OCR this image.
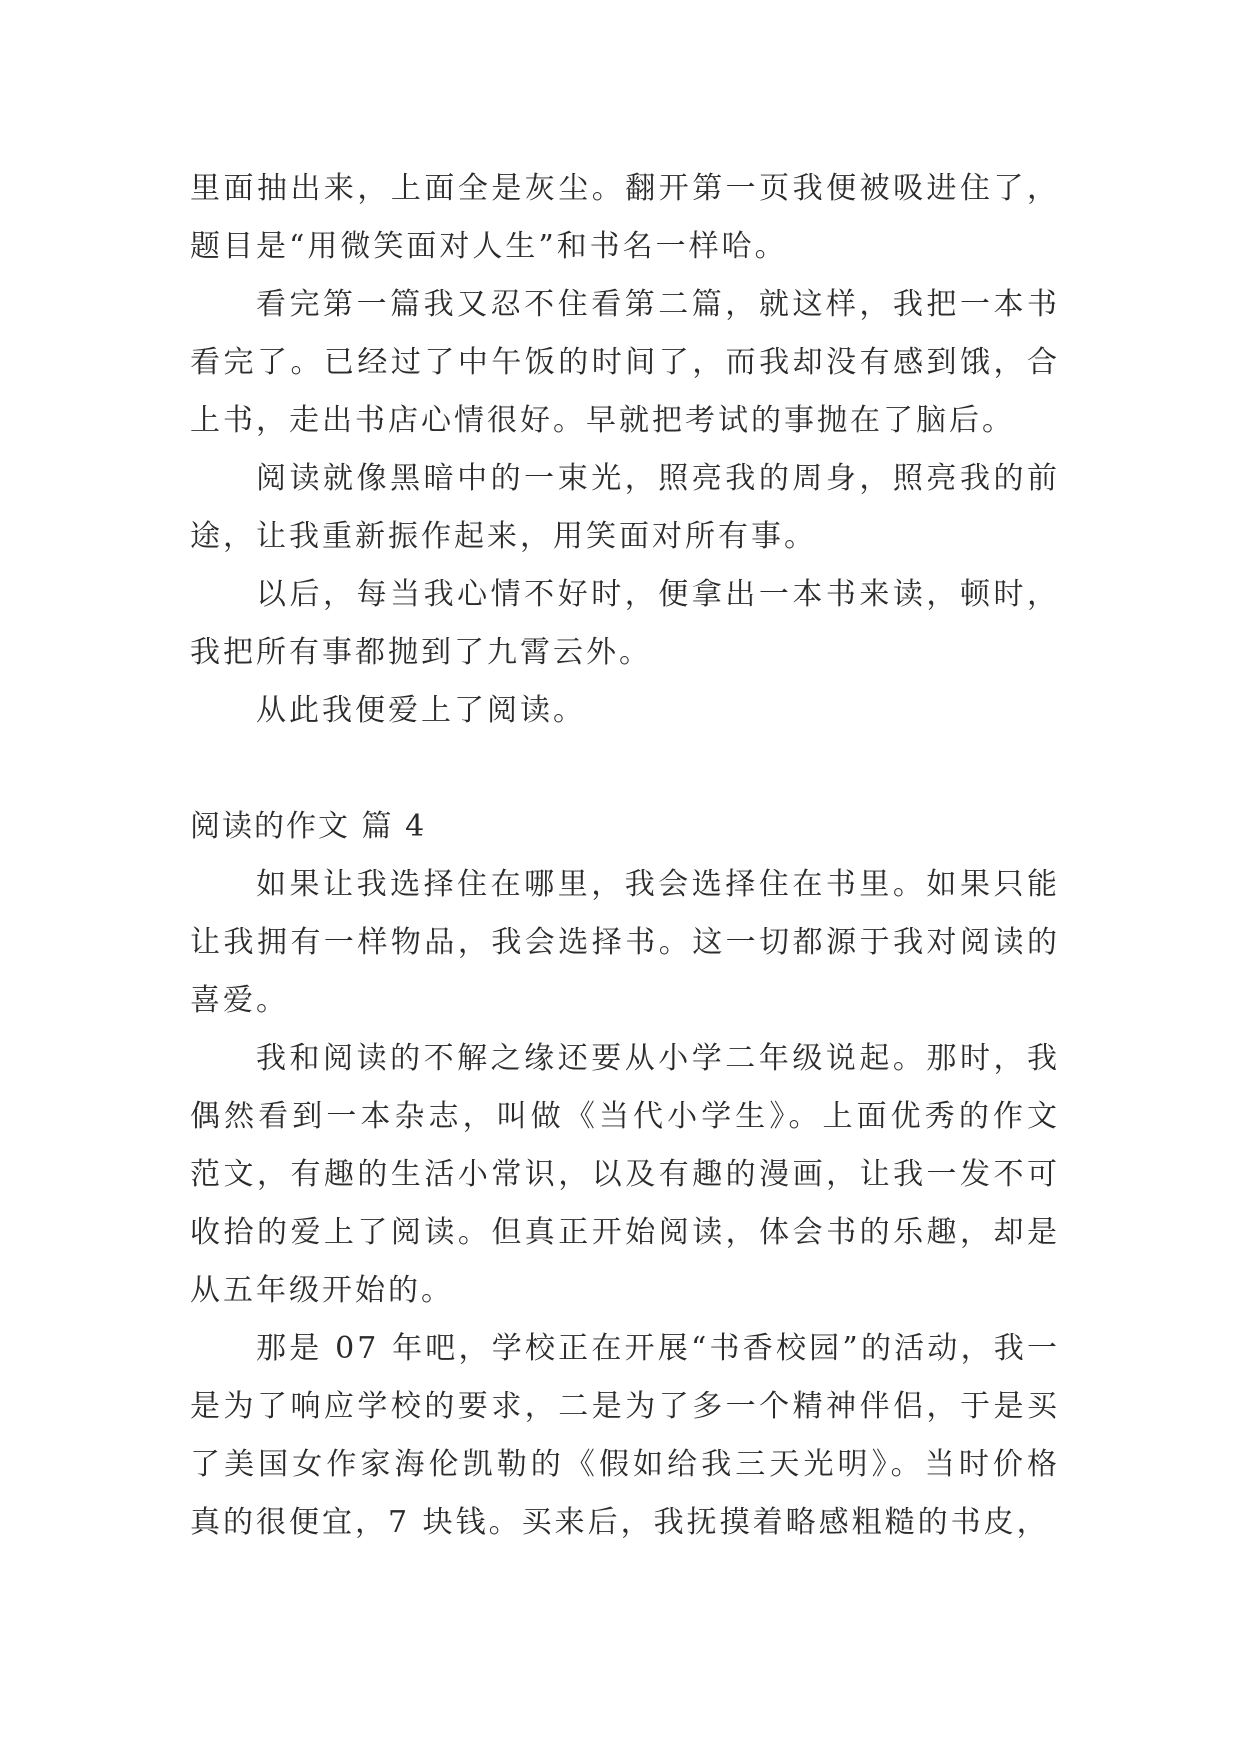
里面抽出来，上面全是灰尘。翻开第一页我便被吸进住了，题目是“用微笑面对人生”和书名一样哈。

看完第一篇我又忍不住看第二篇，就这样，我把一本书看完了。已经过了中午饭的时间了，而我却没有感到饿，合上书，走出书店心情很好。早就把考试的事抛在了脑后。

阅读就像黑暗中的一束光，照亮我的周身，照亮我的前途，让我重新振作起来，用笑面对所有事。

以后，每当我心情不好时，便拿出一本书来读，顿时，我把所有事都抛到了九霄云外。

从此我便爱上了阅读。

阅读的作文 篇 4

如果让我选择住在哪里，我会选择住在书里。如果只能让我拥有一样物品，我会选择书。这一切都源于我对阅读的喜爱。

我和阅读的不解之缘还要从小学二年级说起。那时，我偶然看到一本杂志，叫做《当代小学生》。上面优秀的作文范文，有趣的生活小常识，以及有趣的漫画，让我一发不可收拾的爱上了阅读。但真正开始阅读，体会书的乐趣，却是从五年级开始的。

那是 07 年吧，学校正在开展“书香校园”的活动，我一是为了响应学校的要求，二是为了多一个精神伴侣，于是买了美国女作家海伦凯勒的《假如给我三天光明》。当时价格真的很便宜，7 块钱。买来后，我抚摸着略感粗糙的书皮，
